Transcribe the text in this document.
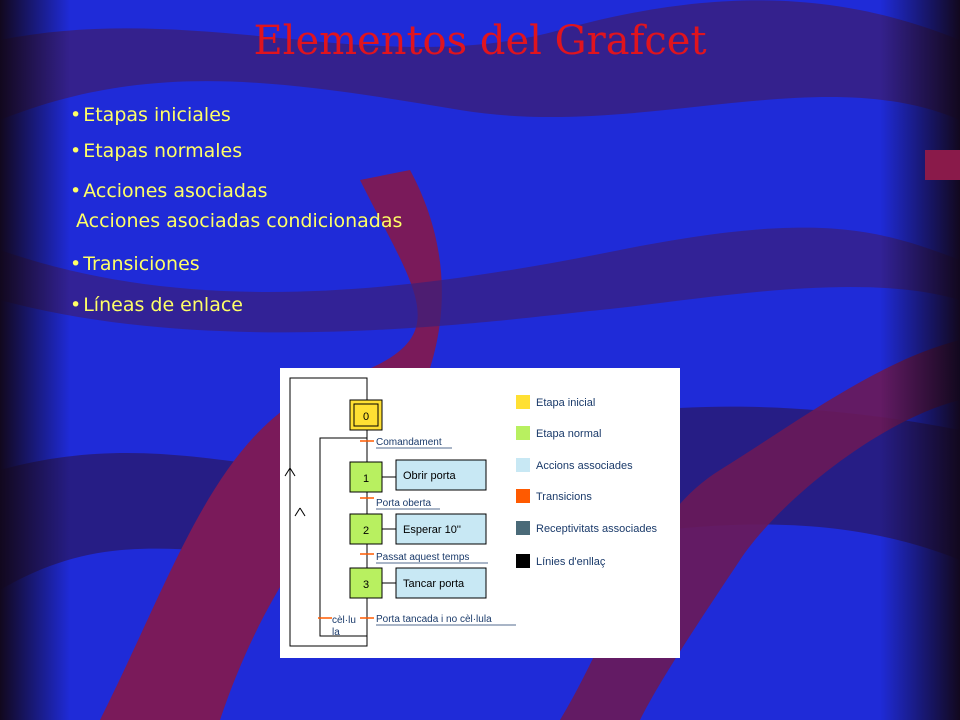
Elementos del Grafcet
• Etapas iniciales
• Etapas normales
• Acciones asociadas
Acciones asociadas condicionadas
• Transiciones
• Líneas de enlace
0
1
2
3
Obrir porta
Esperar 10''
Tancar porta
Comandament
Porta oberta
Passat aquest temps
Porta tancada i no cèl·lula
cèl·lu
la
Etapa inicial
Etapa normal
Accions associades
Transicions
Receptivitats associades
Línies d'enllaç
